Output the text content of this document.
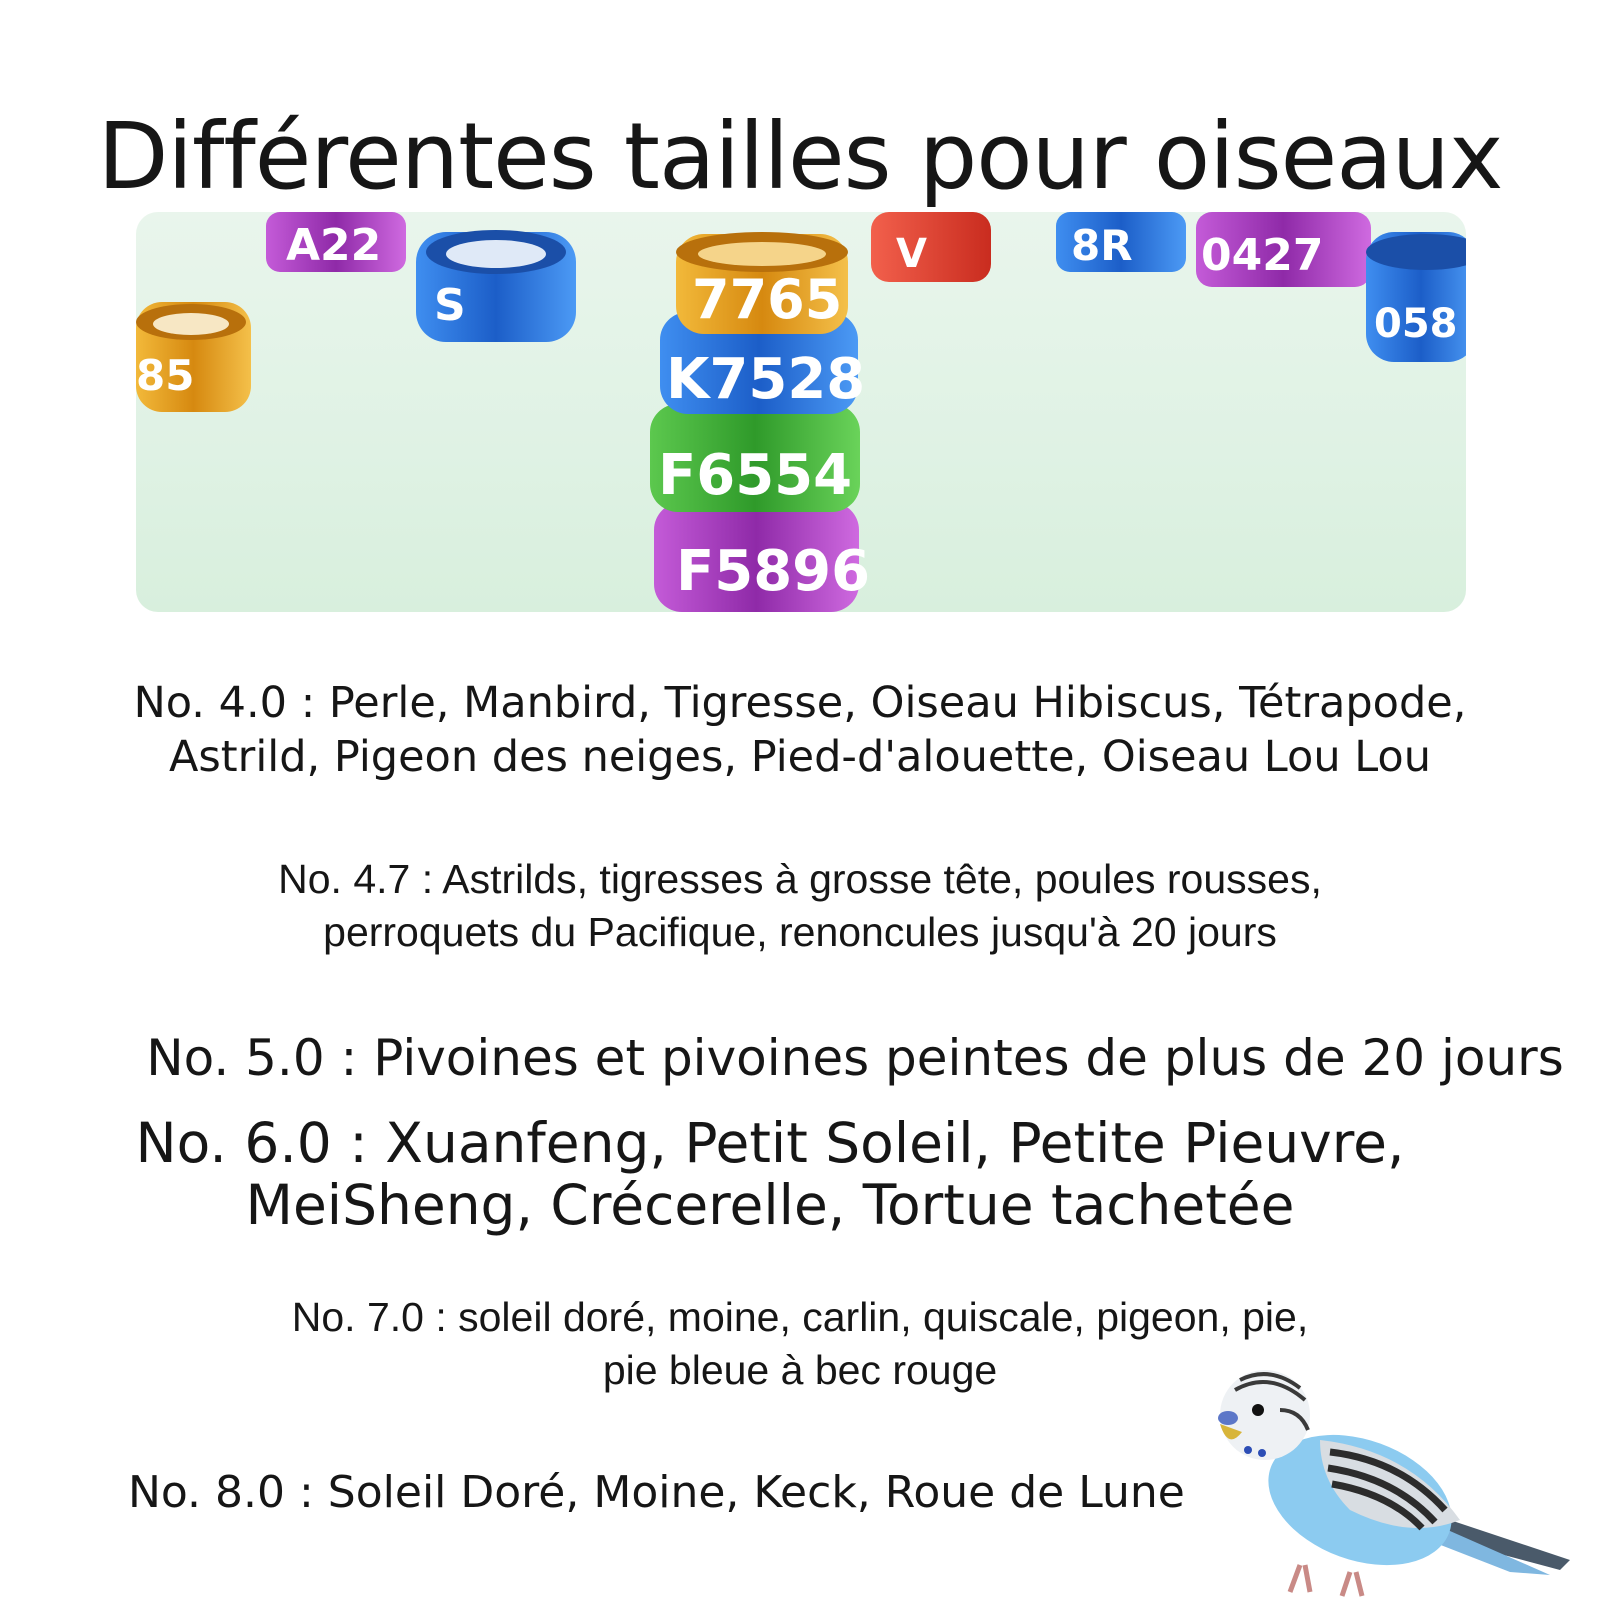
Différentes tailles pour oiseaux
A22
S
85
V	8R 0427
058
F5896
F6554
K7528
7765
No. 4.0 : Perle, Manbird, Tigresse, Oiseau Hibiscus, Tétrapode,
Astrild, Pigeon des neiges, Pied-d'alouette, Oiseau Lou Lou
No. 4.7 : Astrilds, tigresses à grosse tête, poules rousses,
perroquets du Pacifique, renoncules jusqu'à 20 jours
No. 5.0 : Pivoines et pivoines peintes de plus de 20 jours
No. 6.0 : Xuanfeng, Petit Soleil, Petite Pieuvre,
MeiSheng, Crécerelle, Tortue tachetée
No. 7.0 : soleil doré, moine, carlin, quiscale, pigeon, pie,
pie bleue à bec rouge
No. 8.0 : Soleil Doré, Moine, Keck, Roue de Lune
